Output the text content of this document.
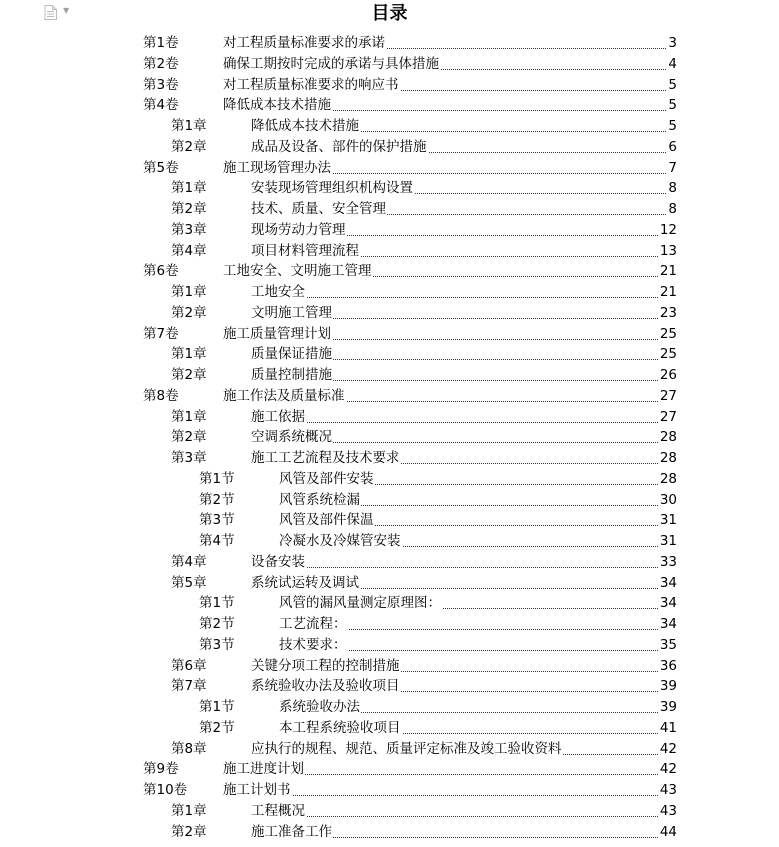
▼	目录
第1卷	对工程质量标准要求的承诺	3
第2卷	确保工期按时完成的承诺与具体措施	4
第3卷	对工程质量标准要求的响应书	5
第4卷	降低成本技术措施	5
第1章	降低成本技术措施	5
第2章	成品及设备、部件的保护措施	6
第5卷	施工现场管理办法	7
第1章	安装现场管理组织机构设置	8
第2章	技术、质量、安全管理	8
第3章	现场劳动力管理	12
第4章	项目材料管理流程	13
第6卷	工地安全、文明施工管理	21
第1章	工地安全	21
第2章	文明施工管理	23
第7卷	施工质量管理计划	25
第1章	质量保证措施	25
第2章	质量控制措施	26
第8卷	施工作法及质量标准	27
第1章	施工依据	27
第2章	空调系统概况	28
第3章	施工工艺流程及技术要求	28
第1节	风管及部件安装	28
第2节	风管系统检漏	30
第3节	风管及部件保温	31
第4节	冷凝水及冷媒管安装	31
第4章	设备安装	33
第5章	系统试运转及调试	34
第1节	风管的漏风量测定原理图：	34
第2节	工艺流程：	34
第3节	技术要求：	35
第6章	关键分项工程的控制措施	36
第7章	系统验收办法及验收项目	39
第1节	系统验收办法	39
第2节	本工程系统验收项目	41
第8章	应执行的规程、规范、质量评定标准及竣工验收资料	42
第9卷	施工进度计划	42
第10卷	施工计划书	43
第1章	工程概况	43
第2章	施工准备工作	44
